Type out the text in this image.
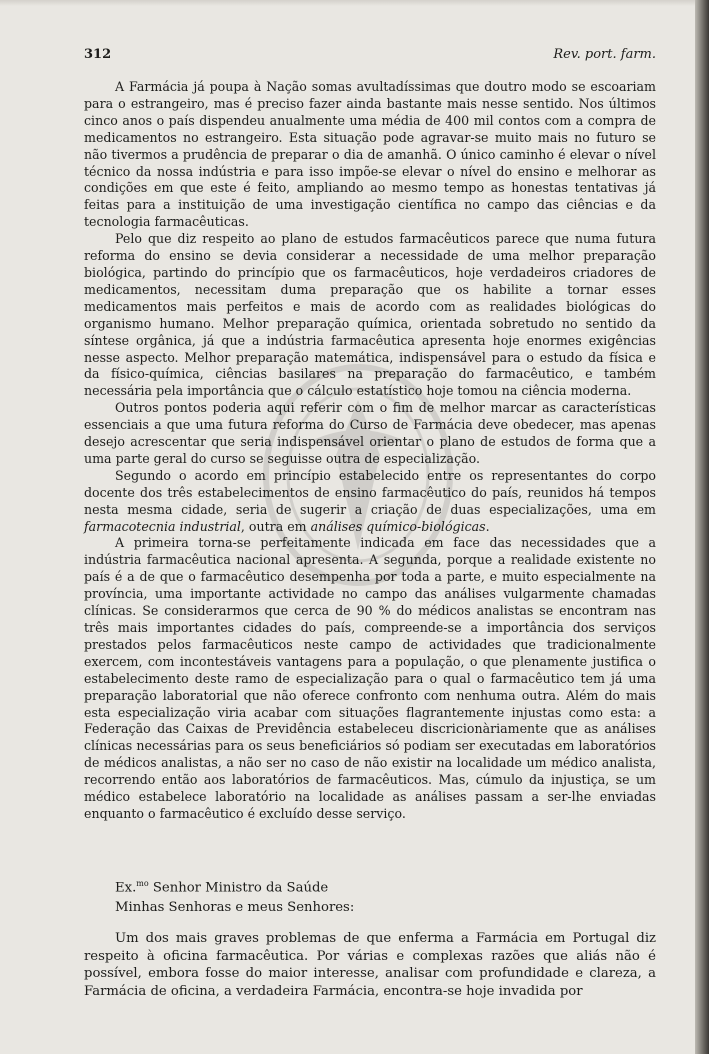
312	Rev. port. farm.

A Farmácia já poupa à Nação somas avultadíssimas que doutro modo se escoariam para o estrangeiro, mas é preciso fazer ainda bastante mais nesse sentido. Nos últimos cinco anos o país dispendeu anualmente uma média de 400 mil contos com a compra de medicamentos no estrangeiro. Esta situação pode agravar-se muito mais no futuro se não tivermos a prudência de preparar o dia de amanhã. O único caminho é elevar o nível técnico da nossa indústria e para isso impõe-se elevar o nível do ensino e melhorar as condições em que este é feito, ampliando ao mesmo tempo as honestas tentativas já feitas para a instituição de uma investigação científica no campo das ciências e da tecnologia farmacêuticas.

Pelo que diz respeito ao plano de estudos farmacêuticos parece que numa futura reforma do ensino se devia considerar a necessidade de uma melhor preparação biológica, partindo do princípio que os farmacêuticos, hoje verdadeiros criadores de medicamentos, necessitam duma preparação que os habilite a tornar esses medicamentos mais perfeitos e mais de acordo com as realidades biológicas do organismo humano. Melhor preparação química, orientada sobretudo no sentido da síntese orgânica, já que a indústria farmacêutica apresenta hoje enormes exigências nesse aspecto. Melhor preparação matemática, indispensável para o estudo da física e da físico-química, ciências basilares na preparação do farmacêutico, e também necessária pela importância que o cálculo estatístico hoje tomou na ciência moderna.

Outros pontos poderia aqui referir com o fim de melhor marcar as características essenciais a que uma futura reforma do Curso de Farmácia deve obedecer, mas apenas desejo acrescentar que seria indispensável orientar o plano de estudos de forma que a uma parte geral do curso se seguisse outra de especialização.

Segundo o acordo em princípio estabelecido entre os representantes do corpo docente dos três estabelecimentos de ensino farmacêutico do país, reunidos há tempos nesta mesma cidade, seria de sugerir a criação de duas especializações, uma em farmacotecnia industrial, outra em análises químico-biológicas.

A primeira torna-se perfeitamente indicada em face das necessidades que a indústria farmacêutica nacional apresenta. A segunda, porque a realidade existente no país é a de que o farmacêutico desempenha por toda a parte, e muito especialmente na província, uma importante actividade no campo das análises vulgarmente chamadas clínicas. Se considerarmos que cerca de 90 % do médicos analistas se encontram nas três mais importantes cidades do país, compreende-se a importância dos serviços prestados pelos farmacêuticos neste campo de actividades que tradicionalmente exercem, com incontestáveis vantagens para a população, o que plenamente justifica o estabelecimento deste ramo de especialização para o qual o farmacêutico tem já uma preparação laboratorial que não oferece confronto com nenhuma outra. Além do mais esta especialização viria acabar com situações flagrantemente injustas como esta: a Federação das Caixas de Previdência estabeleceu discricionàriamente que as análises clínicas necessárias para os seus beneficiários só podiam ser executadas em laboratórios de médicos analistas, a não ser no caso de não existir na localidade um médico analista, recorrendo então aos laboratórios de farmacêuticos. Mas, cúmulo da injustiça, se um médico estabelece laboratório na localidade as análises passam a ser-lhe enviadas enquanto o farmacêutico é excluído desse serviço.

Ex.$^{mo}$ Senhor Ministro da Saúde
Minhas Senhoras e meus Senhores:

Um dos mais graves problemas de que enferma a Farmácia em Portugal diz respeito à oficina farmacêutica. Por várias e complexas razões que aliás não é possível, embora fosse do maior interesse, analisar com profundidade e clareza, a Farmácia de oficina, a verdadeira Farmácia, encontra-se hoje invadida por
